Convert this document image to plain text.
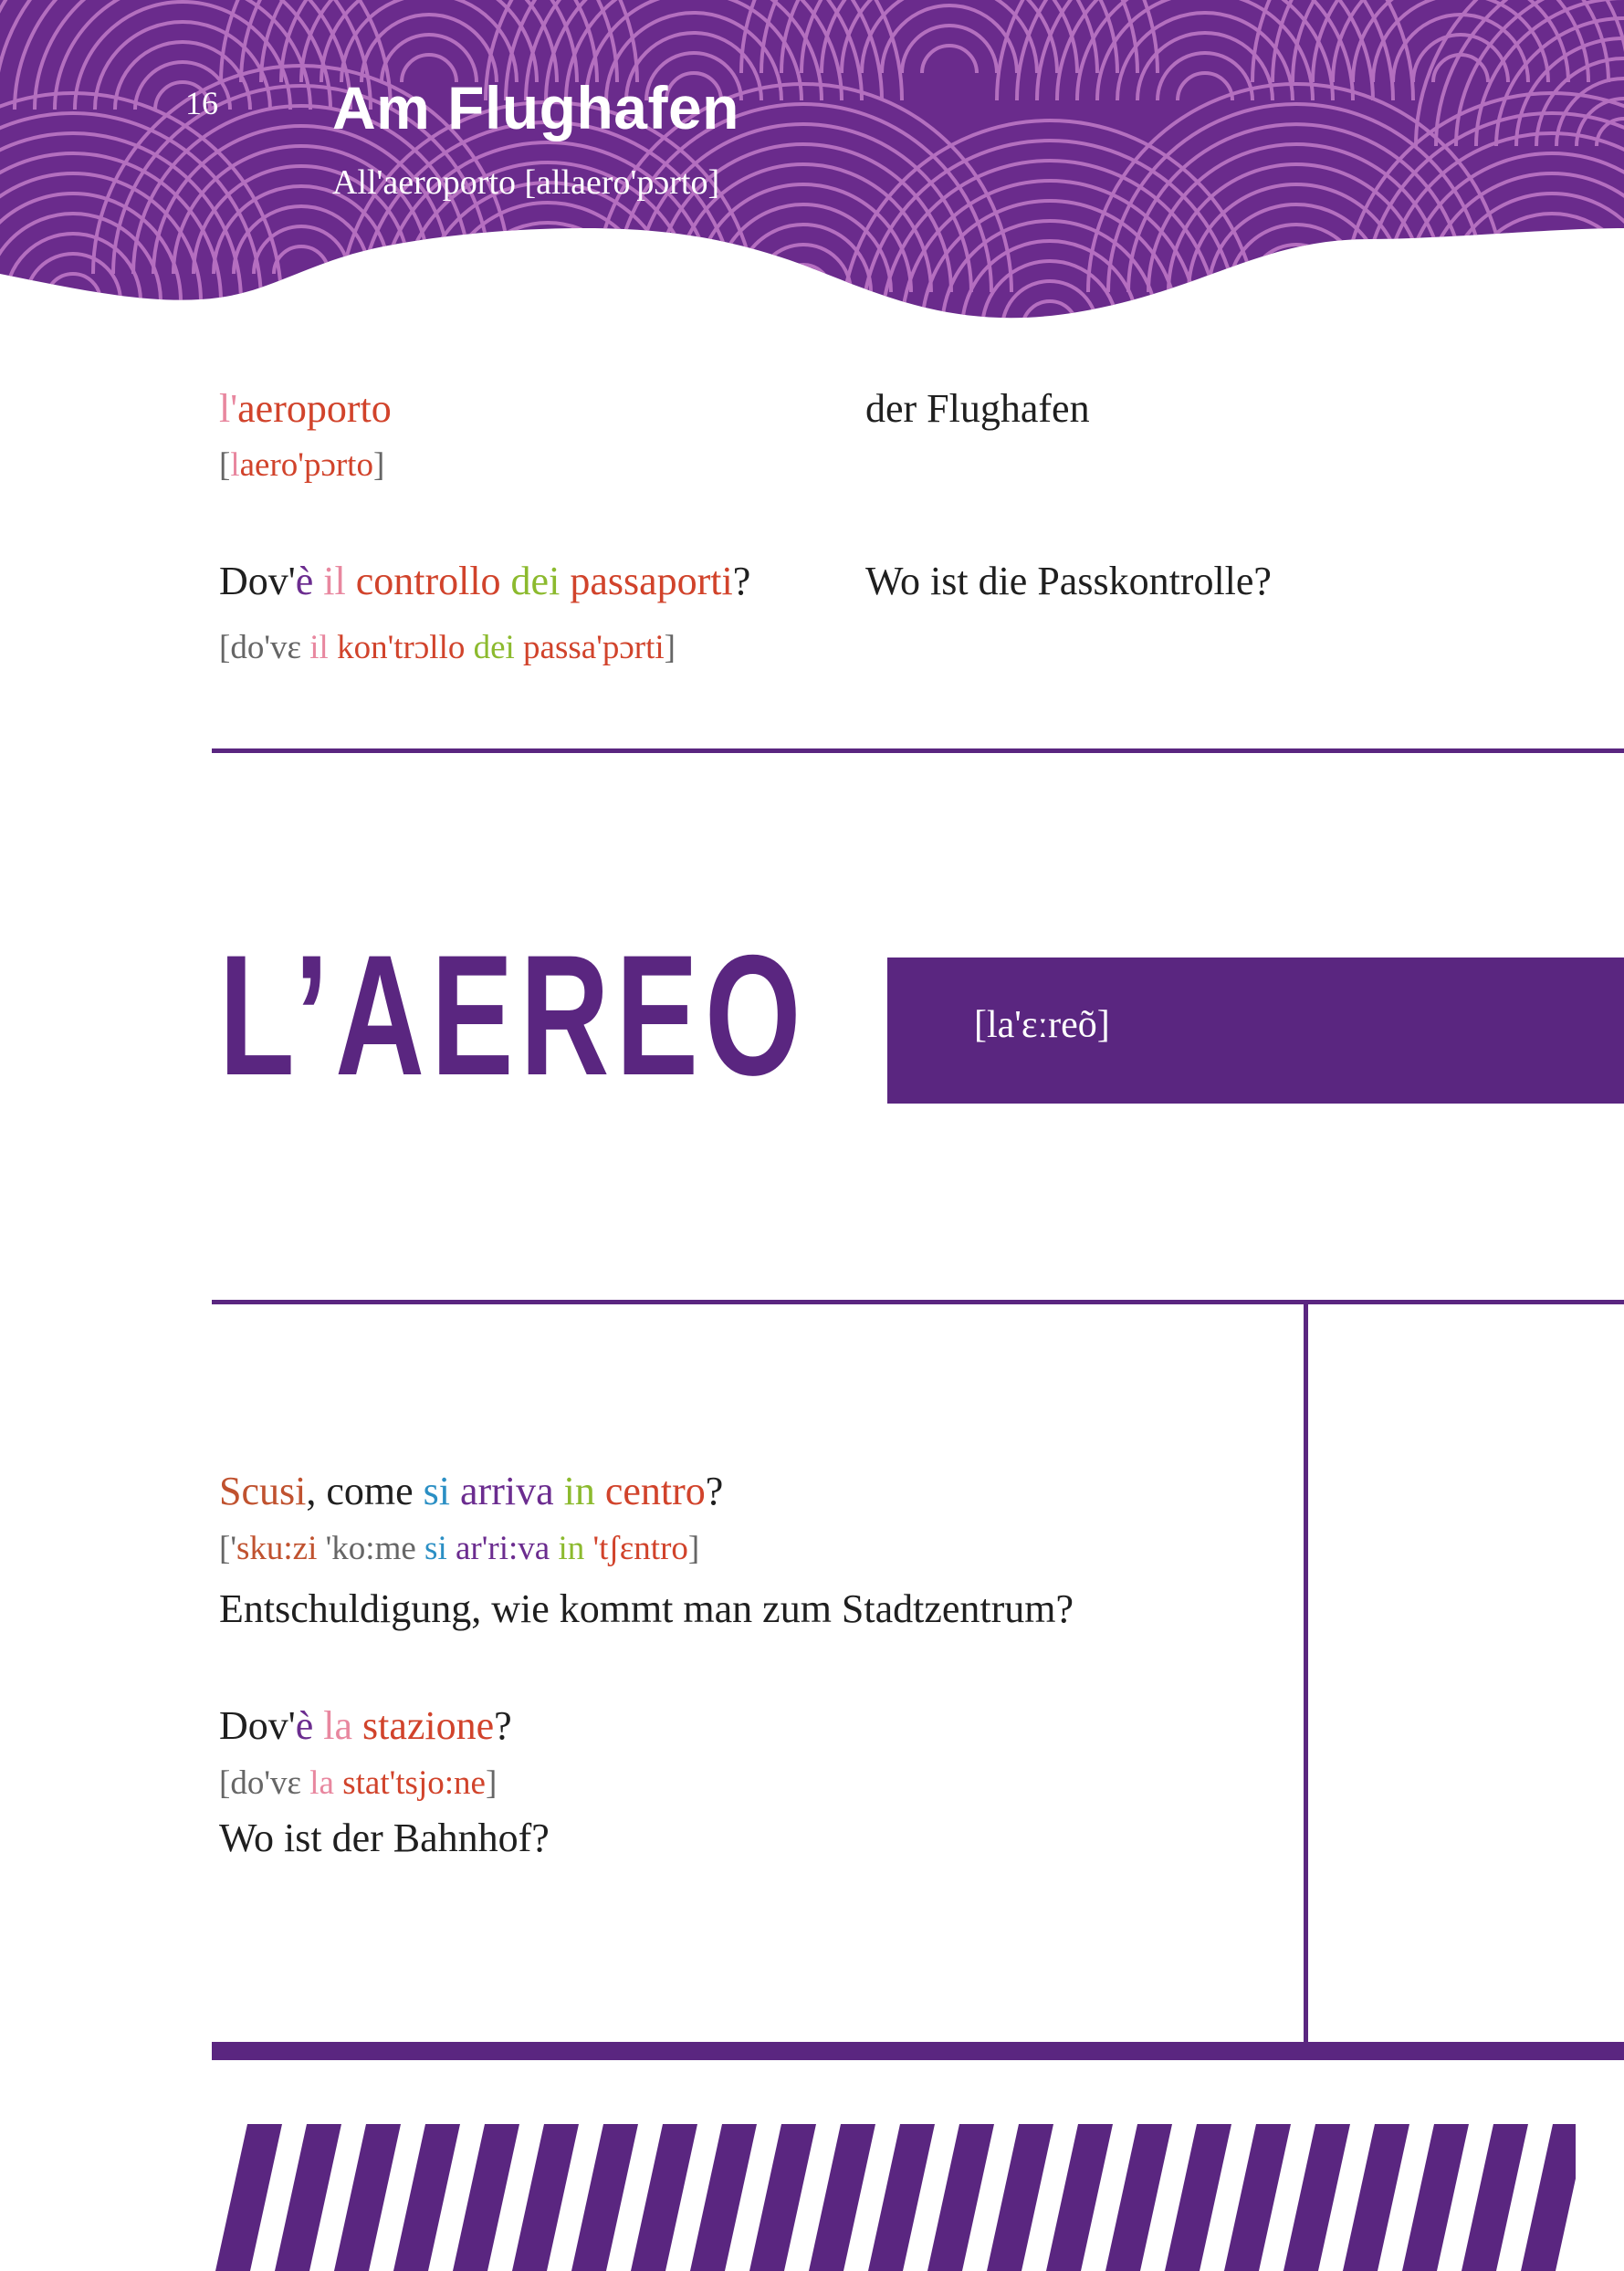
16 Am Flughafen
All'aeroporto [allaero'pɔrto]
l'aeroporto
[laero'pɔrto]
der Flughafen
Dov'è il controllo dei passaporti?
[do'vɛ il kon'trɔllo dei passa'pɔrti]
Wo ist die Passkontrolle?
L’AEREO	[la'ɛːreõ]
Scusi, come si arriva in centro?
['sku:zi 'ko:me si ar'ri:va in 'tʃɛntro]
Entschuldigung, wie kommt man zum Stadtzentrum?
Dov'è la stazione?
[do'vɛ la stat'tsjo:ne]
Wo ist der Bahnhof?
